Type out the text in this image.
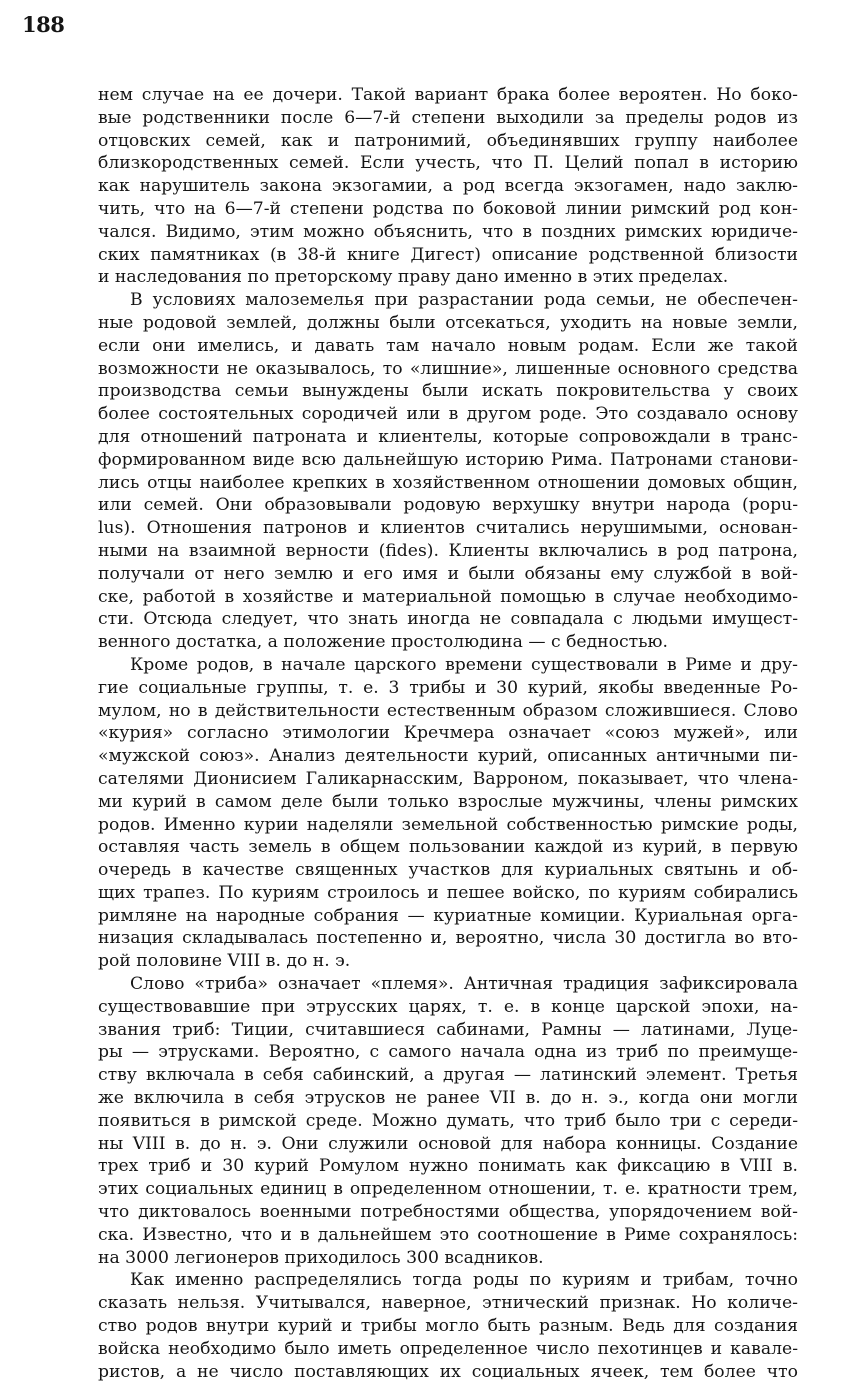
188
нем случае на ее дочери. Такой вариант брака более вероятен. Но боко-
вые родственники после 6—7-й степени выходили за пределы родов из
отцовских семей, как и патронимий, объединявших группу наиболее
близкородственных семей. Если учесть, что П. Целий попал в историю
как нарушитель закона экзогамии, а род всегда экзогамен, надо заклю-
чить, что на 6—7-й степени родства по боковой линии римский род кон-
чался. Видимо, этим можно объяснить, что в поздних римских юридиче-
ских памятниках (в 38-й книге Дигест) описание родственной близости
и наследования по преторскому праву дано именно в этих пределах.
В условиях малоземелья при разрастании рода семьи, не обеспечен-
ные родовой землей, должны были отсекаться, уходить на новые земли,
если они имелись, и давать там начало новым родам. Если же такой
возможности не оказывалось, то «лишние», лишенные основного средства
производства семьи вынуждены были искать покровительства у своих
более состоятельных сородичей или в другом роде. Это создавало основу
для отношений патроната и клиентелы, которые сопровождали в транс-
формированном виде всю дальнейшую историю Рима. Патронами станови-
лись отцы наиболее крепких в хозяйственном отношении домовых общин,
или семей. Они образовывали родовую верхушку внутри народа (popu-
lus). Отношения патронов и клиентов считались нерушимыми, основан-
ными на взаимной верности (fides). Клиенты включались в род патрона,
получали от него землю и его имя и были обязаны ему службой в вой-
ске, работой в хозяйстве и материальной помощью в случае необходимо-
сти. Отсюда следует, что знать иногда не совпадала с людьми имущест-
венного достатка, а положение простолюдина — с бедностью.
Кроме родов, в начале царского времени существовали в Риме и дру-
гие социальные группы, т. е. 3 трибы и 30 курий, якобы введенные Ро-
мулом, но в действительности естественным образом сложившиеся. Слово
«курия» согласно этимологии Кречмера означает «союз мужей», или
«мужской союз». Анализ деятельности курий, описанных античными пи-
сателями Дионисием Галикарнасским, Варроном, показывает, что члена-
ми курий в самом деле были только взрослые мужчины, члены римских
родов. Именно курии наделяли земельной собственностью римские роды,
оставляя часть земель в общем пользовании каждой из курий, в первую
очередь в качестве священных участков для куриальных святынь и об-
щих трапез. По куриям строилось и пешее войско, по куриям собирались
римляне на народные собрания — куриатные комиции. Куриальная орга-
низация складывалась постепенно и, вероятно, числа 30 достигла во вто-
рой половине VIII в. до н. э.
Слово «триба» означает «племя». Античная традиция зафиксировала
существовавшие при этрусских царях, т. е. в конце царской эпохи, на-
звания триб: Тиции, считавшиеся сабинами, Рамны — латинами, Луце-
ры — этрусками. Вероятно, с самого начала одна из триб по преимуще-
ству включала в себя сабинский, а другая — латинский элемент. Третья
же включила в себя этрусков не ранее VII в. до н. э., когда они могли
появиться в римской среде. Можно думать, что триб было три с середи-
ны VIII в. до н. э. Они служили основой для набора конницы. Создание
трех триб и 30 курий Ромулом нужно понимать как фиксацию в VIII в.
этих социальных единиц в определенном отношении, т. е. кратности трем,
что диктовалось военными потребностями общества, упорядочением вой-
ска. Известно, что и в дальнейшем это соотношение в Риме сохранялось:
на 3000 легионеров приходилось 300 всадников.
Как именно распределялись тогда роды по куриям и трибам, точно
сказать нельзя. Учитывался, наверное, этнический признак. Но количе-
ство родов внутри курий и трибы могло быть разным. Ведь для создания
войска необходимо было иметь определенное число пехотинцев и кавале-
ристов, а не число поставляющих их социальных ячеек, тем более что
